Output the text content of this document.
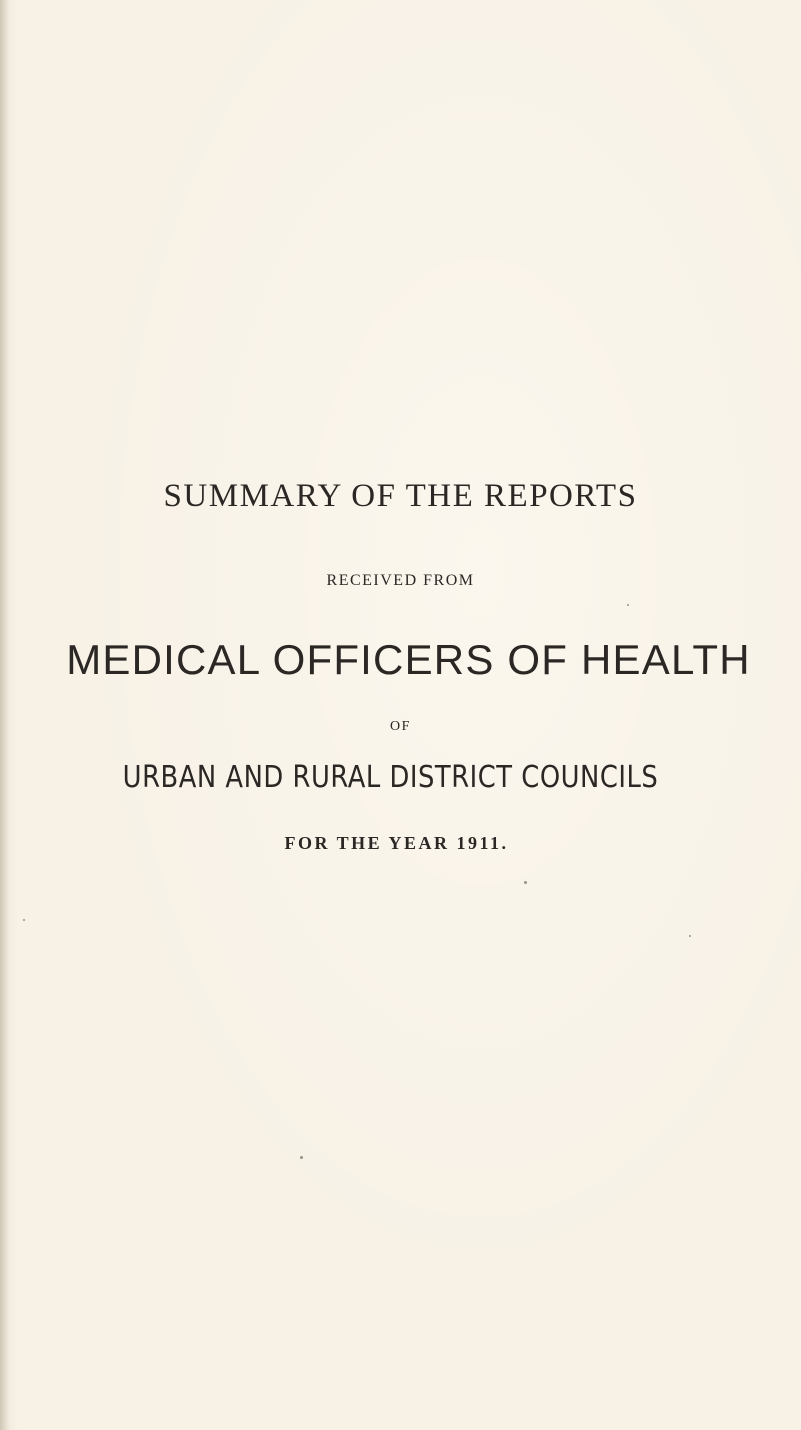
SUMMARY OF THE REPORTS
RECEIVED FROM
MEDICAL OFFICERS OF HEALTH
OF
URBAN AND RURAL DISTRICT COUNCILS
FOR THE YEAR 1911.
